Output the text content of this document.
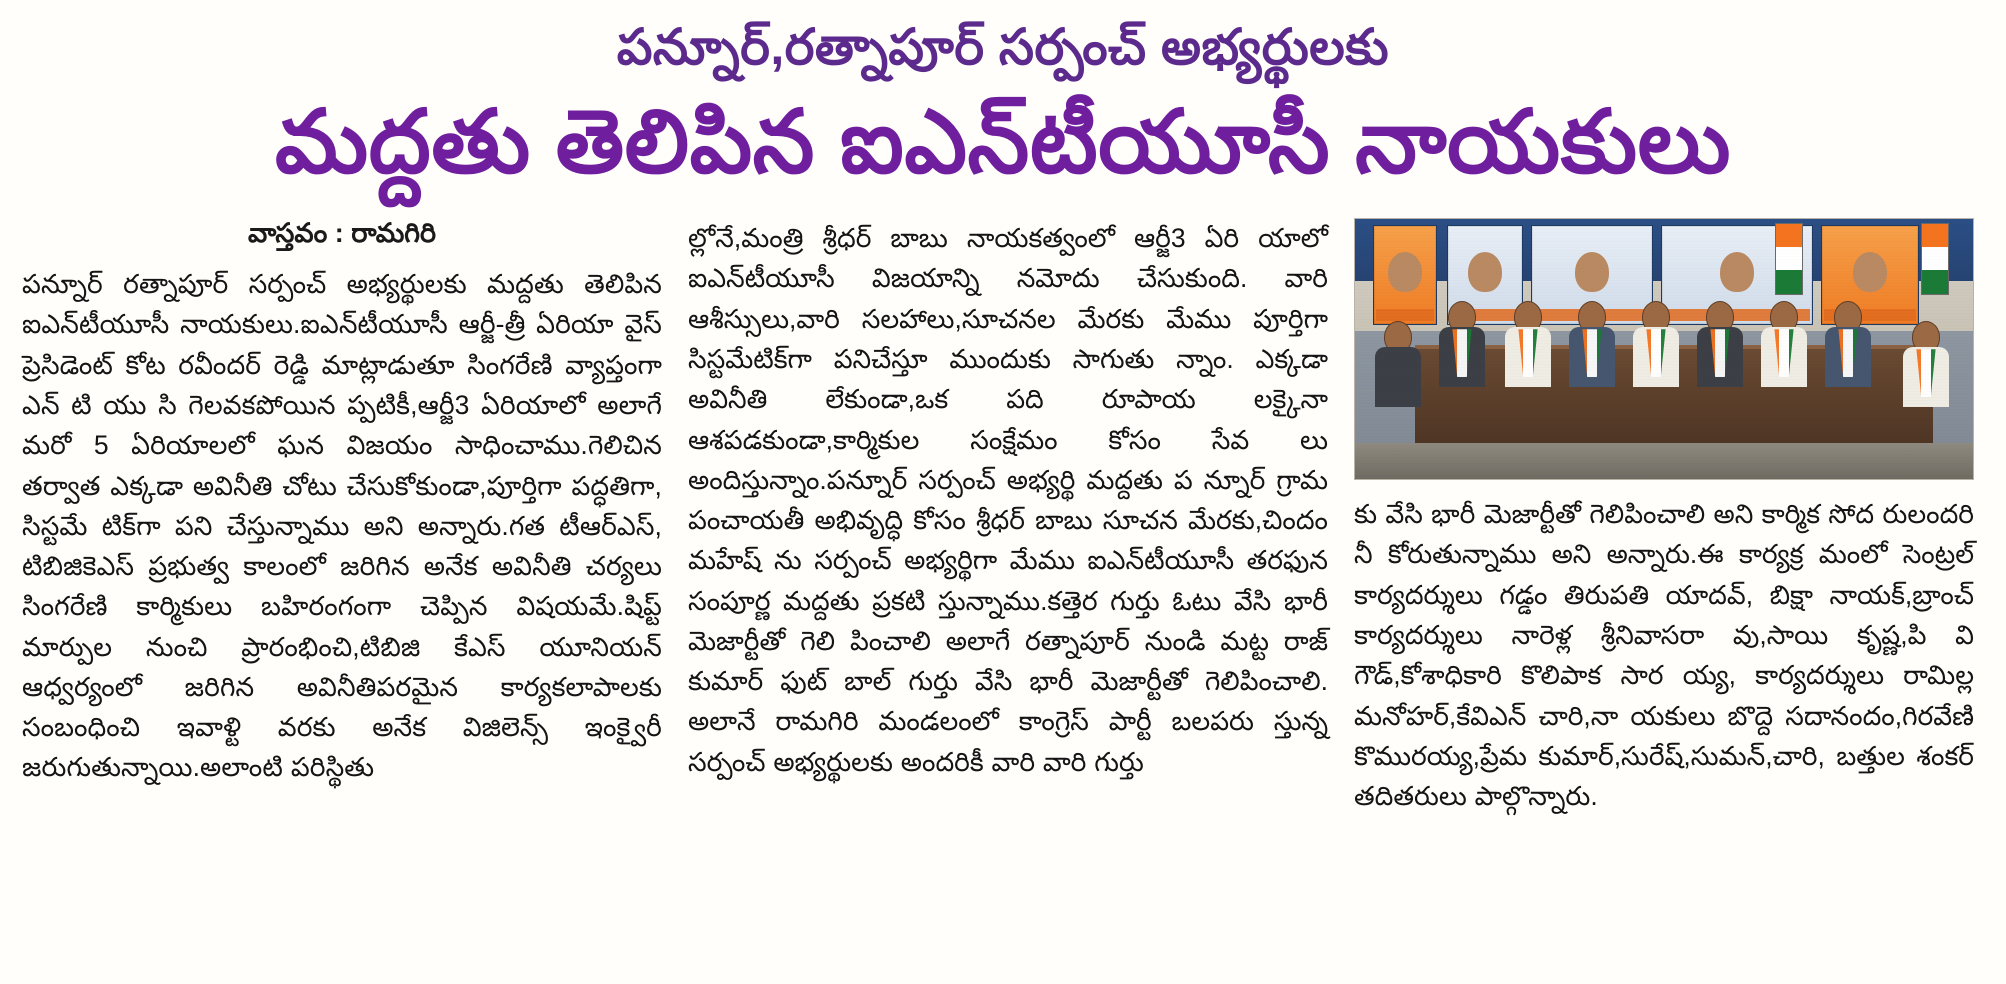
పన్నూర్,రత్నాపూర్ సర్పంచ్ అభ్యర్థులకు
మద్దతు తెలిపిన ఐఎన్‌టీయూసీ నాయకులు
వాస్తవం : రామగిరి

పన్నూర్ రత్నాపూర్ సర్పంచ్ అభ్యర్థులకు మద్దతు తెలిపిన ఐఎన్‌టీయూసీ నాయకులు.ఐఎన్‌టీయూసీ ఆర్జీ-త్రీ ఏరియా వైస్ ప్రెసిడెంట్ కోట రవీందర్ రెడ్డి మాట్లాడుతూ సింగరేణి వ్యాప్తంగా ఎన్ టి యు సి గెలవకపోయిన ప్పటికీ,ఆర్జీ3 ఏరియాలో అలాగే మరో 5 ఏరియాలలో ఘన విజయం సాధించాము.గెలిచిన తర్వాత ఎక్కడా అవినీతి చోటు చేసుకోకుండా,పూర్తిగా పద్ధతిగా, సిస్టమే టిక్‌గా పని చేస్తున్నాము అని అన్నారు.గత టీఆర్ఎస్, టిబిజికెఎస్ ప్రభుత్వ కాలంలో జరిగిన అనేక అవినీతి చర్యలు సింగరేణి కార్మికులు బహిరంగంగా చెప్పిన విషయమే.షిప్ట్ మార్పుల నుంచి ప్రారంభించి,టిబిజి కేఎస్ యూనియన్ ఆధ్వర్యంలో జరిగిన అవినీతిపరమైన కార్యకలాపాలకు సంబంధించి ఇవాళ్టి వరకు అనేక విజిలెన్స్ ఇంక్వైరీ జరుగుతున్నాయి.అలాంటి పరిస్థితు

ల్లోనే,మంత్రి శ్రీధర్ బాబు నాయకత్వంలో ఆర్జీ3 ఏరి యాలో ఐఎన్‌టీయూసీ విజయాన్ని నమోదు చేసుకుంది. వారి ఆశీస్సులు,వారి సలహాలు,సూచనల మేరకు మేము పూర్తిగా సిస్టమేటిక్‌గా పనిచేస్తూ ముందుకు సాగుతు న్నాం. ఎక్కడా అవినీతి లేకుండా,ఒక పది రూపాయ లక్కైనా ఆశపడకుండా,కార్మికుల సంక్షేమం కోసం సేవ లు అందిస్తున్నాం.పన్నూర్ సర్పంచ్ అభ్యర్థి మద్దతు ప న్నూర్ గ్రామ పంచాయతీ అభివృద్ధి కోసం శ్రీధర్ బాబు సూచన మేరకు,చిందం మహేష్ ను సర్పంచ్ అభ్యర్థిగా మేము ఐఎన్‌టీయూసీ తరఫున సంపూర్ణ మద్దతు ప్రకటి స్తున్నాము.కత్తెర గుర్తు ఓటు వేసి భారీ మెజార్టీతో గెలి పించాలి అలాగే రత్నాపూర్ నుండి మట్ట రాజ్ కుమార్ ఫుట్ బాల్ గుర్తు వేసి భారీ మెజార్టీతో గెలిపించాలి. అలానే రామగిరి మండలంలో కాంగ్రెస్ పార్టీ బలపరు స్తున్న సర్పంచ్ అభ్యర్థులకు అందరికీ వారి వారి గుర్తు

కు వేసి భారీ మెజార్టీతో గెలిపించాలి అని కార్మిక సోద రులందరి నీ కోరుతున్నాము అని అన్నారు.ఈ కార్యక్ర మంలో సెంట్రల్ కార్యదర్శులు గడ్డం తిరుపతి యాదవ్, బిక్షా నాయక్,బ్రాంచ్ కార్యదర్శులు నారెళ్ల శ్రీనివాసరా వు,సాయి కృష్ణ,పి వి గౌడ్,కోశాధికారి కొలిపాక సార య్య, కార్యదర్శులు రామిల్ల మనోహర్,కేవిఎన్ చారి,నా యకులు బొద్దె సదానందం,గిరవేణి కొమురయ్య,ప్రేమ కుమార్,సురేష్,సుమన్,చారి, బత్తుల శంకర్ తదితరులు పాల్గొన్నారు.
